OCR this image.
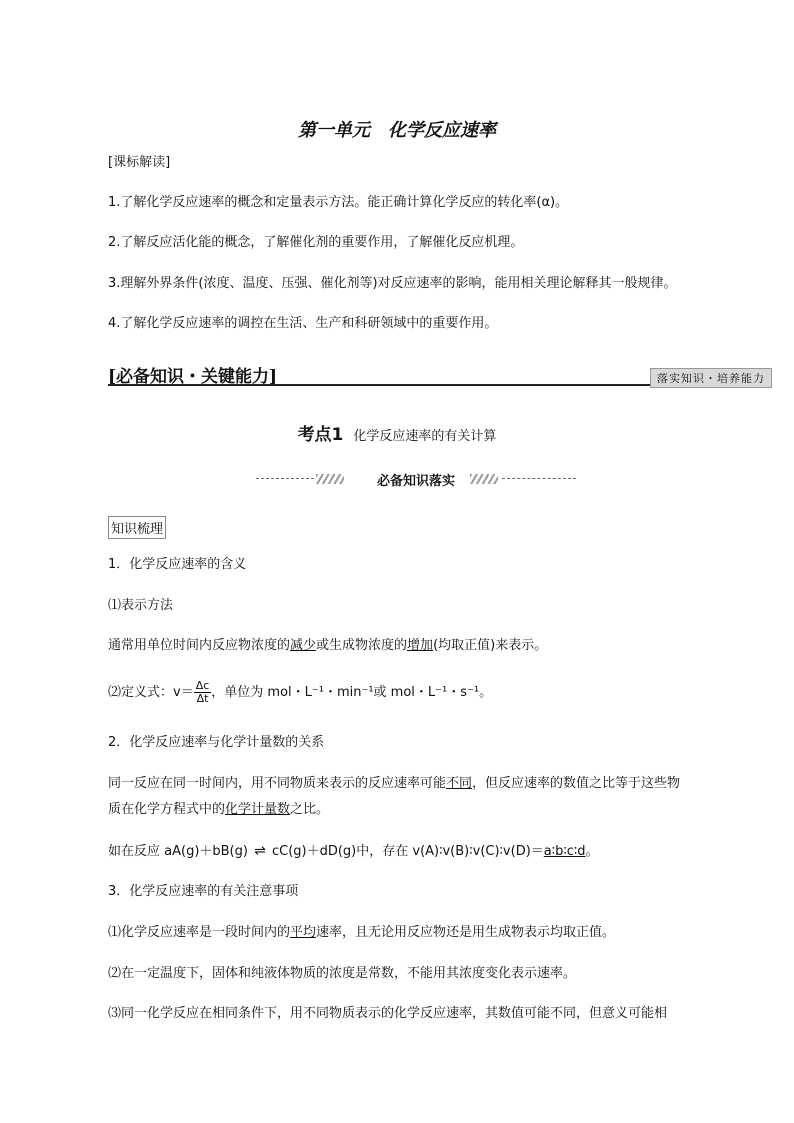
第一单元　化学反应速率
[课标解读]
1.了解化学反应速率的概念和定量表示方法。能正确计算化学反应的转化率(α)。
2.了解反应活化能的概念，了解催化剂的重要作用，了解催化反应机理。
3.理解外界条件(浓度、温度、压强、催化剂等)对反应速率的影响，能用相关理论解释其一般规律。
4.了解化学反应速率的调控在生活、生产和科研领域中的重要作用。
[必备知识・关键能力]	落实知识・培养能力
考点1 化学反应速率的有关计算
必备知识落实
知识梳理
1．化学反应速率的含义
⑴表示方法
通常用单位时间内反应物浓度的减少或生成物浓度的增加(均取正值)来表示。
⑵定义式：$v= \frac{\Delta c}{\Delta t}$ ，单位为 mol・L⁻¹・min⁻¹或 mol・L⁻¹・s⁻¹。
2．化学反应速率与化学计量数的关系
同一反应在同一时间内，用不同物质来表示的反应速率可能不同，但反应速率的数值之比等于这些物
质在化学方程式中的化学计量数之比。
如在反应 aA(g)＋bB(g) ⇌ cC(g)＋dD(g)中，存在 v(A)∶v(B)∶v(C)∶v(D)＝a∶b∶c∶d。
3．化学反应速率的有关注意事项
⑴化学反应速率是一段时间内的平均速率，且无论用反应物还是用生成物表示均取正值。
⑵在一定温度下，固体和纯液体物质的浓度是常数，不能用其浓度变化表示速率。
⑶同一化学反应在相同条件下，用不同物质表示的化学反应速率，其数值可能不同，但意义可能相
